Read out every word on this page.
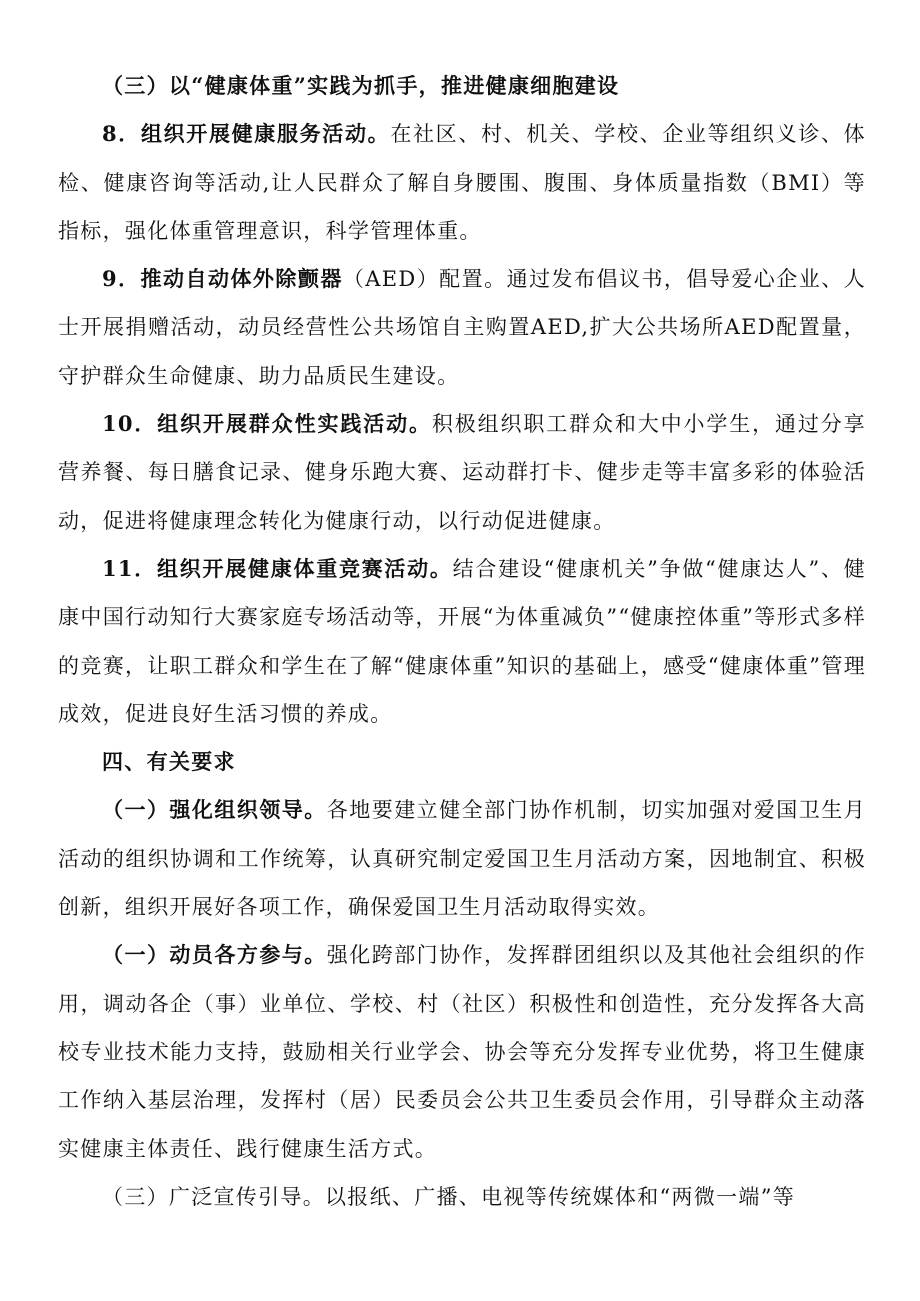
（三）以“健康体重”实践为抓手，推进健康细胞建设

8．组织开展健康服务活动。在社区、村、机关、学校、企业等组织义诊、体检、健康咨询等活动,让人民群众了解自身腰围、腹围、身体质量指数（BMI）等指标，强化体重管理意识，科学管理体重。

9．推动自动体外除颤器（AED）配置。通过发布倡议书，倡导爱心企业、人士开展捐赠活动，动员经营性公共场馆自主购置AED,扩大公共场所AED配置量，守护群众生命健康、助力品质民生建设。

10．组织开展群众性实践活动。积极组织职工群众和大中小学生，通过分享营养餐、每日膳食记录、健身乐跑大赛、运动群打卡、健步走等丰富多彩的体验活动，促进将健康理念转化为健康行动，以行动促进健康。

11．组织开展健康体重竞赛活动。结合建设“健康机关”争做“健康达人”、健康中国行动知行大赛家庭专场活动等，开展“为体重减负”“健康控体重”等形式多样的竞赛，让职工群众和学生在了解“健康体重”知识的基础上，感受“健康体重”管理成效，促进良好生活习惯的养成。

四、有关要求

（一）强化组织领导。各地要建立健全部门协作机制，切实加强对爱国卫生月活动的组织协调和工作统筹，认真研究制定爱国卫生月活动方案，因地制宜、积极创新，组织开展好各项工作，确保爱国卫生月活动取得实效。

（一）动员各方参与。强化跨部门协作，发挥群团组织以及其他社会组织的作用，调动各企（事）业单位、学校、村（社区）积极性和创造性，充分发挥各大高校专业技术能力支持，鼓励相关行业学会、协会等充分发挥专业优势，将卫生健康工作纳入基层治理，发挥村（居）民委员会公共卫生委员会作用，引导群众主动落实健康主体责任、践行健康生活方式。

（三）广泛宣传引导。以报纸、广播、电视等传统媒体和“两微一端”等
